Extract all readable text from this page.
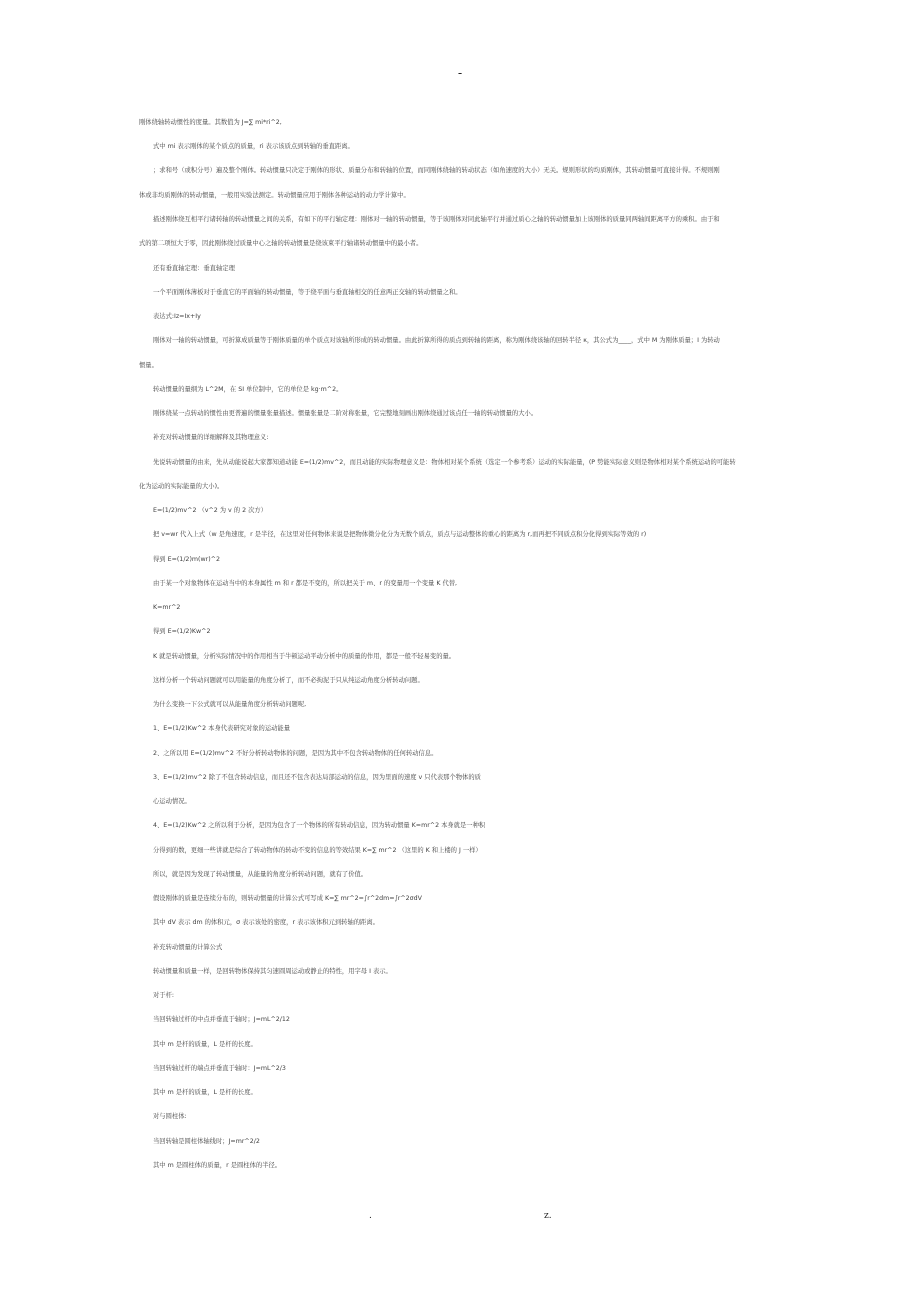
-
刚体绕轴转动惯性的度量。其数值为 J=∑ mi*ri^2,
式中 mi 表示刚体的某个质点的质量，ri 表示该质点到转轴的垂直距离。
；求和号（或积分号）遍及整个刚体。转动惯量只决定于刚体的形状、质量分布和转轴的位置，而同刚体绕轴的转动状态（如角速度的大小）无关。规则形状的均质刚体，其转动惯量可直接计得。不规则刚
体或非均质刚体的转动惯量，一般用实验法测定。转动惯量应用于刚体各种运动的动力学计算中。
描述刚体绕互相平行诸转轴的转动惯量之间的关系，有如下的平行轴定理：刚体对一轴的转动惯量，等于该刚体对同此轴平行并通过质心之轴的转动惯量加上该刚体的质量同两轴间距离平方的乘积。由于和
式的第二项恒大于零，因此刚体绕过质量中心之轴的转动惯量是绕该束平行轴诸转动惯量中的最小者。
还有垂直轴定理：垂直轴定理
一个平面刚体薄板对于垂直它的平面轴的转动惯量，等于绕平面与垂直轴相交的任意两正交轴的转动惯量之和。
表达式:Iz=Ix+Iy
刚体对一轴的转动惯量，可折算成质量等于刚体质量的单个质点对该轴所形成的转动惯量。由此折算所得的质点到转轴的距离，称为刚体绕该轴的回转半径 κ，其公式为____，式中 M 为刚体质量；I 为转动
惯量。
转动惯量的量纲为 L^2M，在 SI 单位制中，它的单位是 kg·m^2。
刚体绕某一点转动的惯性由更普遍的惯量张量描述。惯量张量是二阶对称张量，它完整地刻画出刚体绕通过该点任一轴的转动惯量的大小。
补充对转动惯量的详细解释及其物理意义:
先说转动惯量的由来，先从动能说起大家都知道动能 E=(1/2)mv^2，而且动能的实际物理意义是：物体相对某个系统（选定一个参考系）运动的实际能量，(P 势能实际意义则是物体相对某个系统运动的可能转
化为运动的实际能量的大小)。
E=(1/2)mv^2 （v^2 为 v 的 2 次方）
把 v=wr 代入上式（w 是角速度，r 是半径，在这里对任何物体来说是把物体微分化分为无数个质点，质点与运动整体的重心的距离为 r,而再把不同质点积分化得到实际等效的 r)
得到 E=(1/2)m(wr)^2
由于某一个对象物体在运动当中的本身属性 m 和 r 都是不变的，所以把关于 m、r 的变量用一个变量 K 代替,
K=mr^2
得到 E=(1/2)Kw^2
K 就是转动惯量，分析实际情况中的作用相当于牛顿运动平动分析中的质量的作用，都是一般不轻易变的量。
这样分析一个转动问题就可以用能量的角度分析了，而不必拘泥于只从纯运动角度分析转动问题。
为什么变换一下公式就可以从能量角度分析转动问题呢,
1、E=(1/2)Kw^2 本身代表研究对象的运动能量
2、之所以用 E=(1/2)mv^2 不好分析转动物体的问题，是因为其中不包含转动物体的任何转动信息。
3、E=(1/2)mv^2 除了不包含转动信息，而且还不包含表达局部运动的信息，因为里面的速度 v 只代表那个物体的质
心运动情况。
4、E=(1/2)Kw^2 之所以利于分析，是因为包含了一个物体的所有转动信息，因为转动惯量 K=mr^2 本身就是一种积
分得到的数，更细一些讲就是综合了转动物体的转动不变的信息的等效结果 K=∑ mr^2 （这里的 K 和上楼的 J 一样）
所以，就是因为发现了转动惯量，从能量的角度分析转动问题，就有了价值。
假设刚体的质量是连续分布的，则转动惯量的计算公式可写成 K=∑ mr^2=∫r^2dm=∫r^2σdV
其中 dV 表示 dm 的体积元，σ 表示该处的密度，r 表示该体积元到转轴的距离。
补充转动惯量的计算公式
转动惯量和质量一样，是回转物体保持其匀速圆周运动或静止的特性，用字母 I 表示。
对于杆:
当回转轴过杆的中点并垂直于轴时；J=mL^2/12
其中 m 是杆的质量，L 是杆的长度。
当回转轴过杆的端点并垂直于轴时：J=mL^2/3
其中 m 是杆的质量，L 是杆的长度。
对与圆柱体:
当回转轴是圆柱体轴线时；J=mr^2/2
其中 m 是圆柱体的质量，r 是圆柱体的半径。
.	z.
